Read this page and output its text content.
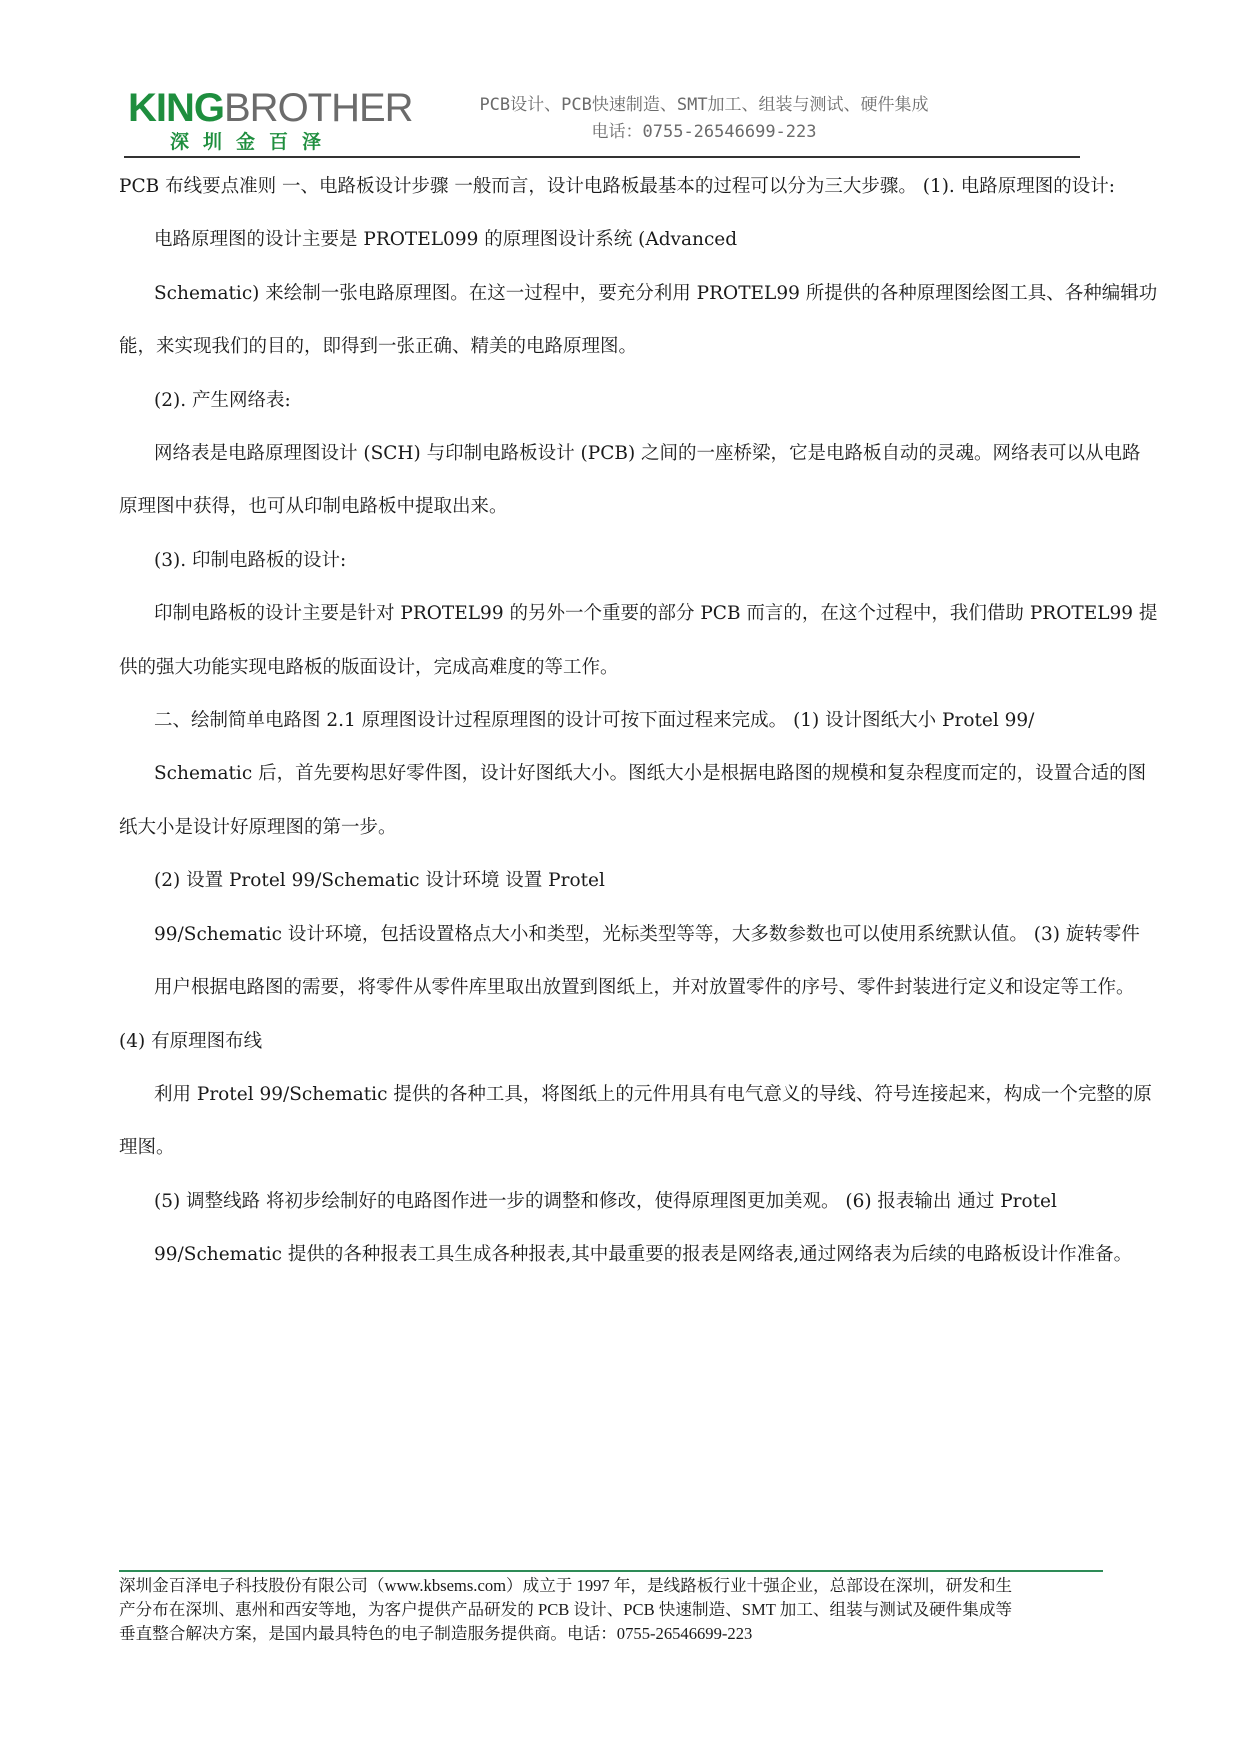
KINGBROTHER
深圳金百泽
PCB设计、PCB快速制造、SMT加工、组装与测试、硬件集成
电话：0755-26546699-223

PCB 布线要点准则 一、电路板设计步骤 一般而言，设计电路板最基本的过程可以分为三大步骤。 (1). 电路原理图的设计:

电路原理图的设计主要是 PROTEL099 的原理图设计系统 (Advanced

Schematic) 来绘制一张电路原理图。在这一过程中，要充分利用 PROTEL99 所提供的各种原理图绘图工具、各种编辑功能，来实现我们的目的，即得到一张正确、精美的电路原理图。

(2). 产生网络表:

网络表是电路原理图设计 (SCH) 与印制电路板设计 (PCB) 之间的一座桥梁，它是电路板自动的灵魂。网络表可以从电路原理图中获得，也可从印制电路板中提取出来。

(3). 印制电路板的设计:

印制电路板的设计主要是针对 PROTEL99 的另外一个重要的部分 PCB 而言的，在这个过程中，我们借助 PROTEL99 提供的强大功能实现电路板的版面设计，完成高难度的等工作。

二、绘制简单电路图 2.1 原理图设计过程原理图的设计可按下面过程来完成。 (1) 设计图纸大小 Protel 99/

Schematic 后，首先要构思好零件图，设计好图纸大小。图纸大小是根据电路图的规模和复杂程度而定的，设置合适的图纸大小是设计好原理图的第一步。

(2) 设置 Protel 99/Schematic 设计环境 设置 Protel

99/Schematic 设计环境，包括设置格点大小和类型，光标类型等等，大多数参数也可以使用系统默认值。 (3) 旋转零件

用户根据电路图的需要，将零件从零件库里取出放置到图纸上，并对放置零件的序号、零件封装进行定义和设定等工作。 (4) 有原理图布线

利用 Protel 99/Schematic 提供的各种工具，将图纸上的元件用具有电气意义的导线、符号连接起来，构成一个完整的原理图。

(5) 调整线路 将初步绘制好的电路图作进一步的调整和修改，使得原理图更加美观。 (6) 报表输出 通过 Protel

99/Schematic 提供的各种报表工具生成各种报表,其中最重要的报表是网络表,通过网络表为后续的电路板设计作准备。

深圳金百泽电子科技股份有限公司（www.kbsems.com）成立于 1997 年，是线路板行业十强企业，总部设在深圳，研发和生

产分布在深圳、惠州和西安等地，为客户提供产品研发的 PCB 设计、PCB 快速制造、SMT 加工、组装与测试及硬件集成等

垂直整合解决方案，是国内最具特色的电子制造服务提供商。电话：0755-26546699-223
